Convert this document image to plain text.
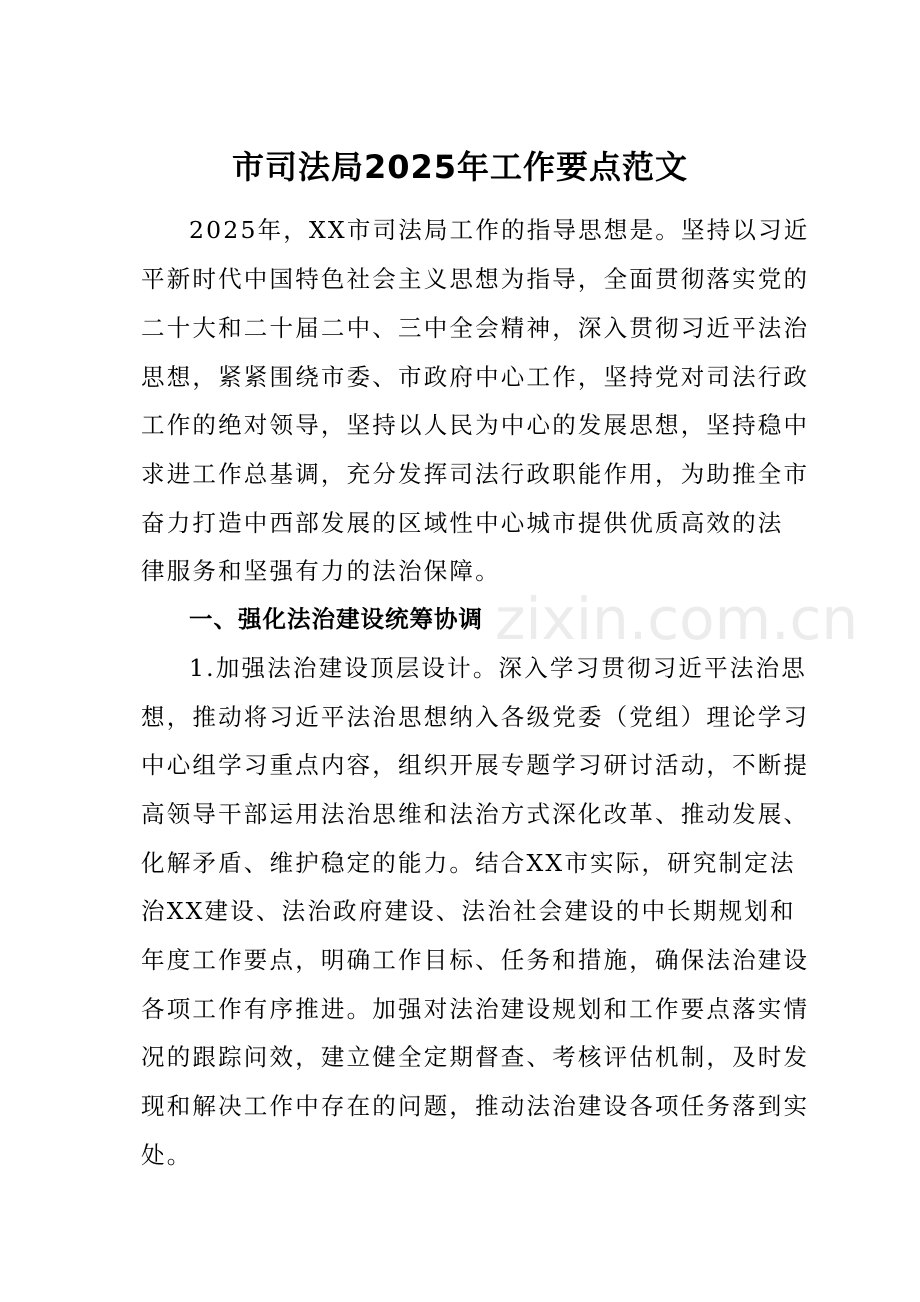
zixin.com.cn
市司法局2025年工作要点范文
2025年，XX市司法局工作的指导思想是。坚持以习近
平新时代中国特色社会主义思想为指导，全面贯彻落实党的
二十大和二十届二中、三中全会精神，深入贯彻习近平法治
思想，紧紧围绕市委、市政府中心工作，坚持党对司法行政
工作的绝对领导，坚持以人民为中心的发展思想，坚持稳中
求进工作总基调，充分发挥司法行政职能作用，为助推全市
奋力打造中西部发展的区域性中心城市提供优质高效的法
律服务和坚强有力的法治保障。
一、强化法治建设统筹协调
1.加强法治建设顶层设计。深入学习贯彻习近平法治思
想，推动将习近平法治思想纳入各级党委（党组）理论学习
中心组学习重点内容，组织开展专题学习研讨活动，不断提
高领导干部运用法治思维和法治方式深化改革、推动发展、
化解矛盾、维护稳定的能力。结合XX市实际，研究制定法
治XX建设、法治政府建设、法治社会建设的中长期规划和
年度工作要点，明确工作目标、任务和措施，确保法治建设
各项工作有序推进。加强对法治建设规划和工作要点落实情
况的跟踪问效，建立健全定期督查、考核评估机制，及时发
现和解决工作中存在的问题，推动法治建设各项任务落到实
处。
